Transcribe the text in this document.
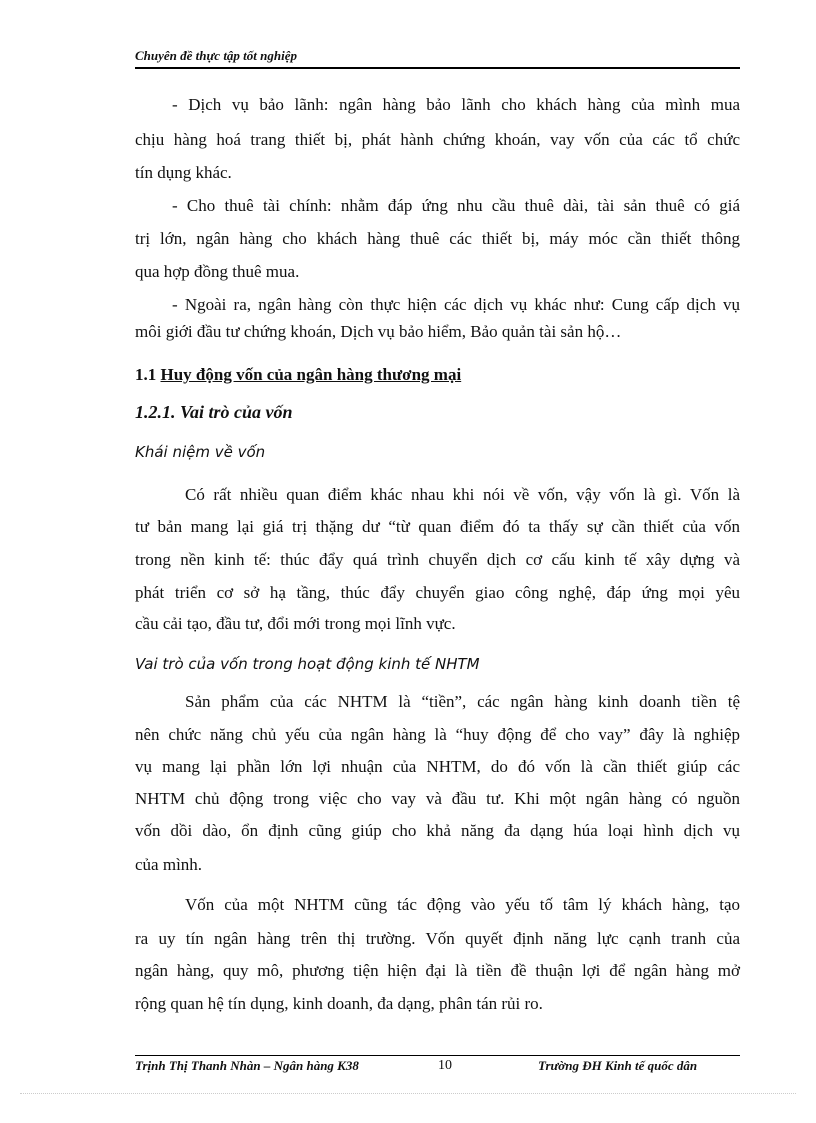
Chuyên đề thực tập tốt nghiệp
- Dịch vụ bảo lãnh: ngân hàng bảo lãnh cho khách hàng của mình mua
chịu hàng hoá trang thiết bị, phát hành chứng khoán, vay vốn của các tổ chức
tín dụng khác.
- Cho thuê tài chính: nhằm đáp ứng nhu cầu thuê dài, tài sản thuê có giá
trị lớn, ngân hàng cho khách hàng thuê các thiết bị, máy móc cần thiết thông
qua hợp đồng thuê mua.
- Ngoài ra, ngân hàng còn thực hiện các dịch vụ khác như: Cung cấp dịch vụ
môi giới đầu tư chứng khoán, Dịch vụ bảo hiểm, Bảo quản tài sản hộ…
1.1 Huy động vốn của ngân hàng thương mại
1.2.1. Vai trò của vốn
Khái niệm về vốn
Có rất nhiều quan điểm khác nhau khi nói về vốn, vậy vốn là gì. Vốn là
tư bản mang lại giá trị thặng dư “từ quan điểm đó ta thấy sự cần thiết của vốn
trong nền kinh tế: thúc đẩy quá trình chuyển dịch cơ cấu kinh tế xây dựng và
phát triển cơ sở hạ tầng, thúc đẩy chuyển giao công nghệ, đáp ứng mọi yêu
cầu cải tạo, đầu tư, đổi mới trong mọi lĩnh vực.
Vai trò của vốn trong hoạt động kinh tế NHTM
Sản phẩm của các NHTM là “tiền”, các ngân hàng kinh doanh tiền tệ
nên chức năng chủ yếu của ngân hàng là “huy động để cho vay” đây là nghiệp
vụ mang lại phần lớn lợi nhuận của NHTM, do đó vốn là cần thiết giúp các
NHTM chủ động trong việc cho vay và đầu tư. Khi một ngân hàng có nguồn
vốn dồi dào, ổn định cũng giúp cho khả năng đa dạng húa loại hình dịch vụ
của mình.
Vốn của một NHTM cũng tác động vào yếu tố tâm lý khách hàng, tạo
ra uy tín ngân hàng trên thị trường. Vốn quyết định năng lực cạnh tranh của
ngân hàng, quy mô, phương tiện hiện đại là tiền đề thuận lợi để ngân hàng mở
rộng quan hệ tín dụng, kinh doanh, đa dạng, phân tán rủi ro.
Trịnh Thị Thanh Nhàn – Ngân hàng K38	10	Trường ĐH Kinh tế quốc dân
